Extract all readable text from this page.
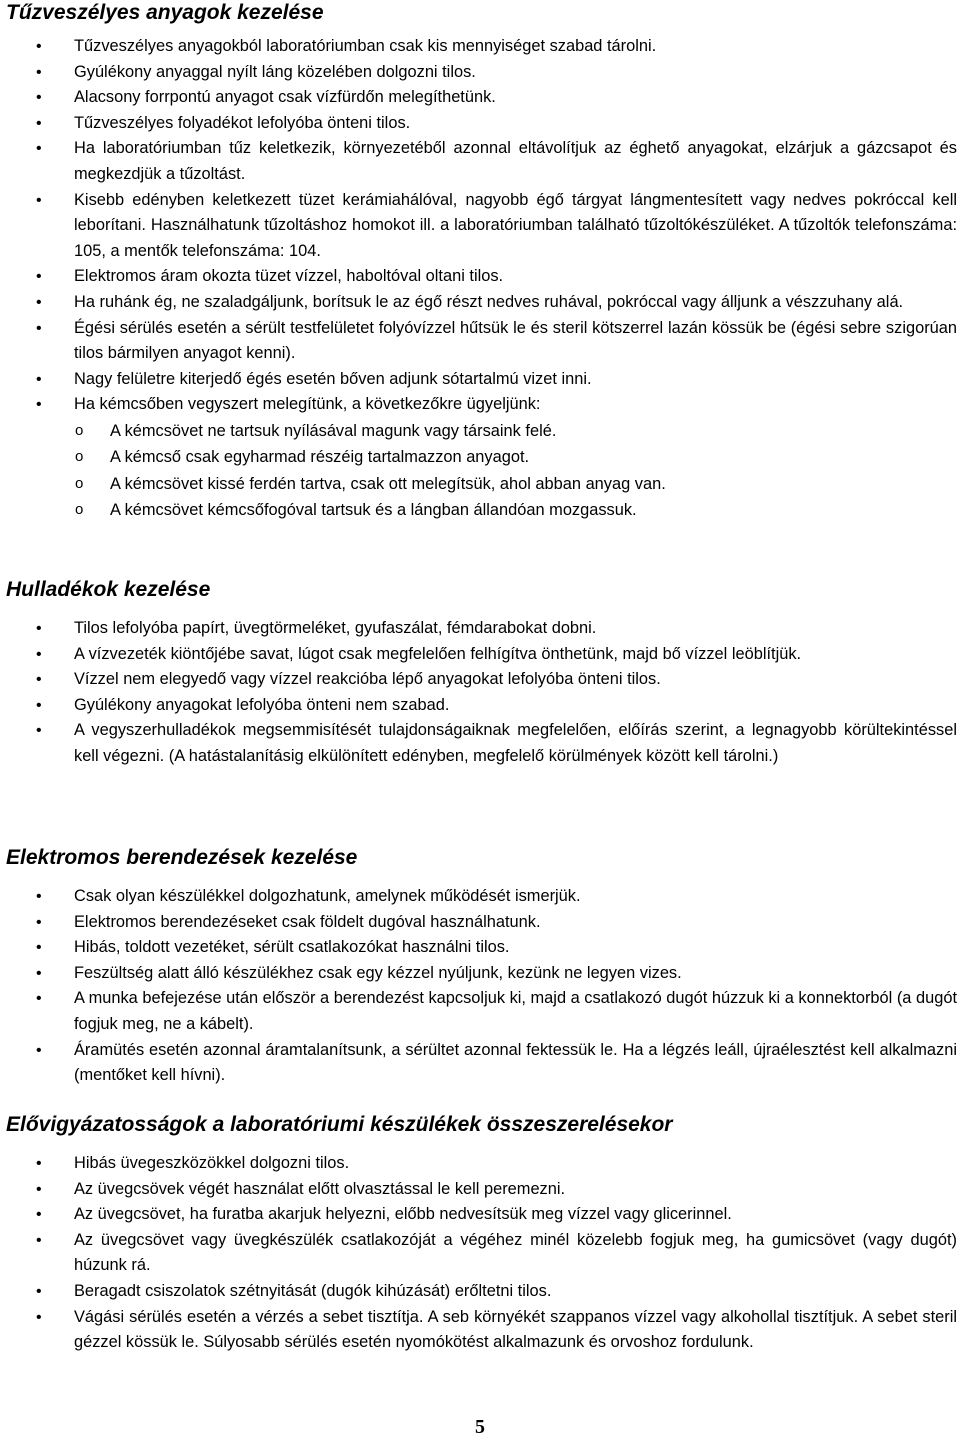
Tűzveszélyes anyagok kezelése
•	Tűzveszélyes anyagokból laboratóriumban csak kis mennyiséget szabad tárolni.
•	Gyúlékony anyaggal nyílt láng közelében dolgozni tilos.
•	Alacsony forrpontú anyagot csak vízfürdőn melegíthetünk.
•	Tűzveszélyes folyadékot lefolyóba önteni tilos.
•	Ha laboratóriumban tűz keletkezik, környezetéből azonnal eltávolítjuk az éghető anyagokat, elzárjuk a gázcsapot és megkezdjük a tűzoltást.
•	Kisebb edényben keletkezett tüzet kerámiahálóval, nagyobb égő tárgyat lángmentesített vagy nedves pokróccal kell leborítani. Használhatunk tűzoltáshoz homokot ill. a laboratóriumban található tűzoltókészüléket. A tűzoltók telefonszáma: 105, a mentők telefonszáma: 104.
•	Elektromos áram okozta tüzet vízzel, haboltóval oltani tilos.
•	Ha ruhánk ég, ne szaladgáljunk, borítsuk le az égő részt nedves ruhával, pokróccal vagy álljunk a vészzuhany alá.
•	Égési sérülés esetén a sérült testfelületet folyóvízzel hűtsük le és steril kötszerrel lazán kössük be (égési sebre szigorúan tilos bármilyen anyagot kenni).
•	Nagy felületre kiterjedő égés esetén bőven adjunk sótartalmú vizet inni.
•	Ha kémcsőben vegyszert melegítünk, a következőkre ügyeljünk:
o A kémcsövet ne tartsuk nyílásával magunk vagy társaink felé.
o A kémcső csak egyharmad részéig tartalmazzon anyagot.
o A kémcsövet kissé ferdén tartva, csak ott melegítsük, ahol abban anyag van.
o A kémcsövet kémcsőfogóval tartsuk és a lángban állandóan mozgassuk.
Hulladékok kezelése
•	Tilos lefolyóba papírt, üvegtörmeléket, gyufaszálat, fémdarabokat dobni.
•	A vízvezeték kiöntőjébe savat, lúgot csak megfelelően felhígítva önthetünk, majd bő vízzel leöblítjük.
•	Vízzel nem elegyedő vagy vízzel reakcióba lépő anyagokat lefolyóba önteni tilos.
•	Gyúlékony anyagokat lefolyóba önteni nem szabad.
•	A vegyszerhulladékok megsemmisítését tulajdonságaiknak megfelelően, előírás szerint, a legnagyobb körültekintéssel kell végezni. (A hatástalanításig elkülönített edényben, megfelelő körülmények között kell tárolni.)
Elektromos berendezések kezelése
•	Csak olyan készülékkel dolgozhatunk, amelynek működését ismerjük.
•	Elektromos berendezéseket csak földelt dugóval használhatunk.
•	Hibás, toldott vezetéket, sérült csatlakozókat használni tilos.
•	Feszültség alatt álló készülékhez csak egy kézzel nyúljunk, kezünk ne legyen vizes.
•	A munka befejezése után először a berendezést kapcsoljuk ki, majd a csatlakozó dugót húzzuk ki a konnektorból (a dugót fogjuk meg, ne a kábelt).
•	Áramütés esetén azonnal áramtalanítsunk, a sérültet azonnal fektessük le. Ha a légzés leáll, újraélesztést kell alkalmazni (mentőket kell hívni).
Elővigyázatosságok a laboratóriumi készülékek összeszerelésekor
•	Hibás üvegeszközökkel dolgozni tilos.
•	Az üvegcsövek végét használat előtt olvasztással le kell peremezni.
•	Az üvegcsövet, ha furatba akarjuk helyezni, előbb nedvesítsük meg vízzel vagy glicerinnel.
•	Az üvegcsövet vagy üvegkészülék csatlakozóját a végéhez minél közelebb fogjuk meg, ha gumicsövet (vagy dugót) húzunk rá.
•	Beragadt csiszolatok szétnyitását (dugók kihúzását) erőltetni tilos.
•	Vágási sérülés esetén a vérzés a sebet tisztítja. A seb környékét szappanos vízzel vagy alkohollal tisztítjuk. A sebet steril gézzel kössük le. Súlyosabb sérülés esetén nyomókötést alkalmazunk és orvoshoz fordulunk.
5
